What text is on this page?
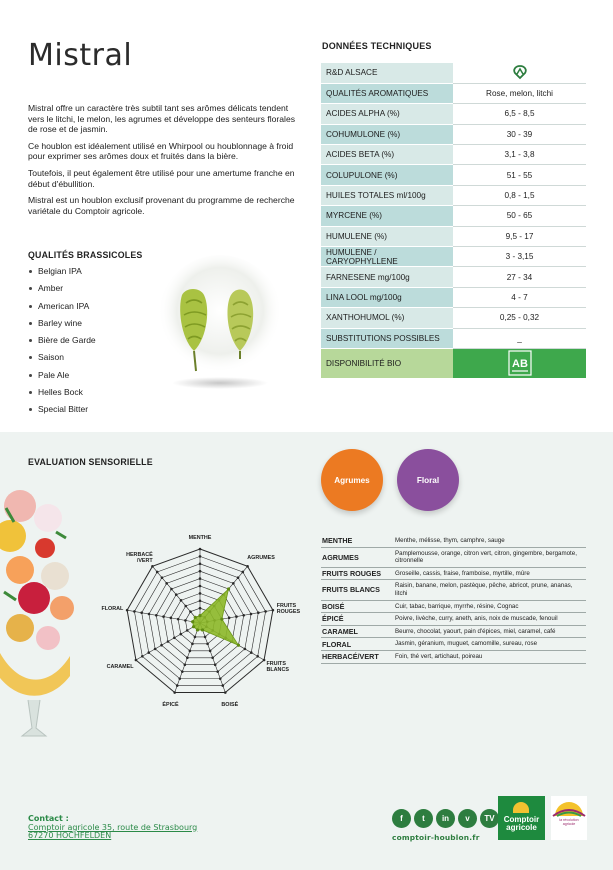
Mistral

Mistral offre un caractère très subtil tant ses arômes délicats tendent vers le litchi, le melon, les agrumes et développe des senteurs florales de rose et de jasmin.

Ce houblon est idéalement utilisé en Whirpool ou houblonnage à froid pour exprimer ses arômes doux et fruités dans la bière.

Toutefois, il peut également être utilisé pour une amertume franche en début d'ébullition.

Mistral est un houblon exclusif provenant du programme de recherche variétale du Comptoir agricole.

QUALITÉS BRASSICOLES
Belgian IPA
Amber
American IPA
Barley wine
Bière de Garde
Saison
Pale Ale
Helles Bock
Special Bitter
DONNÉES TECHNIQUES
R&D ALSACE	
QUALITÉS AROMATIQUES	Rose, melon, litchi
ACIDES ALPHA (%)	6,5 - 8,5
COHUMULONE (%)	30 - 39
ACIDES BETA (%)	3,1 - 3,8
COLUPULONE (%)	51 - 55
HUILES TOTALES ml/100g	0,8 - 1,5
MYRCENE (%)	50 - 65
HUMULENE (%)	9,5 - 17
HUMULENE / CARYOPHYLLENE	3 - 3,15
FARNESENE mg/100g	27 - 34
LINA LOOL mg/100g	4 - 7
XANTHOHUMOL (%)	0,25 - 0,32
SUBSTITUTIONS POSSIBLES	_
DISPONIBILITÉ BIO	AB
EVALUATION SENSORIELLE
Agrumes	Floral
MENTHE
AGRUMES
FRUITS ROUGES
FRUITS BLANCS
BOISÉ
ÉPICÉ
CARAMEL
FLORAL
HERBACÉ /VERT
MENTHE	Menthe, mélisse, thym, camphre, sauge
AGRUMES	Pamplemousse, orange, citron vert, citron, gingembre, bergamote, citronnelle
FRUITS ROUGES	Groseille, cassis, fraise, framboise, myrtille, mûre
FRUITS BLANCS	Raisin, banane, melon, pastèque, pêche, abricot, prune, ananas, litchi
BOISÉ	Cuir, tabac, barrique, myrrhe, résine, Cognac
ÉPICÉ	Poivre, livèche, curry, aneth, anis, noix de muscade, fenouil
CARAMEL	Beurre, chocolat, yaourt, pain d'épices, miel, caramel, café
FLORAL	Jasmin, géranium, muguet, camomille, sureau, rose
HERBACÉ/VERT	Foin, thé vert, artichaut, poireau
Contact :
Comptoir agricole 35, route de Strasbourg
67270 HOCHFELDEN
f	t	in	v	TV
comptoir-houblon.fr
Comptoir
agricole
la révolution
agricole
